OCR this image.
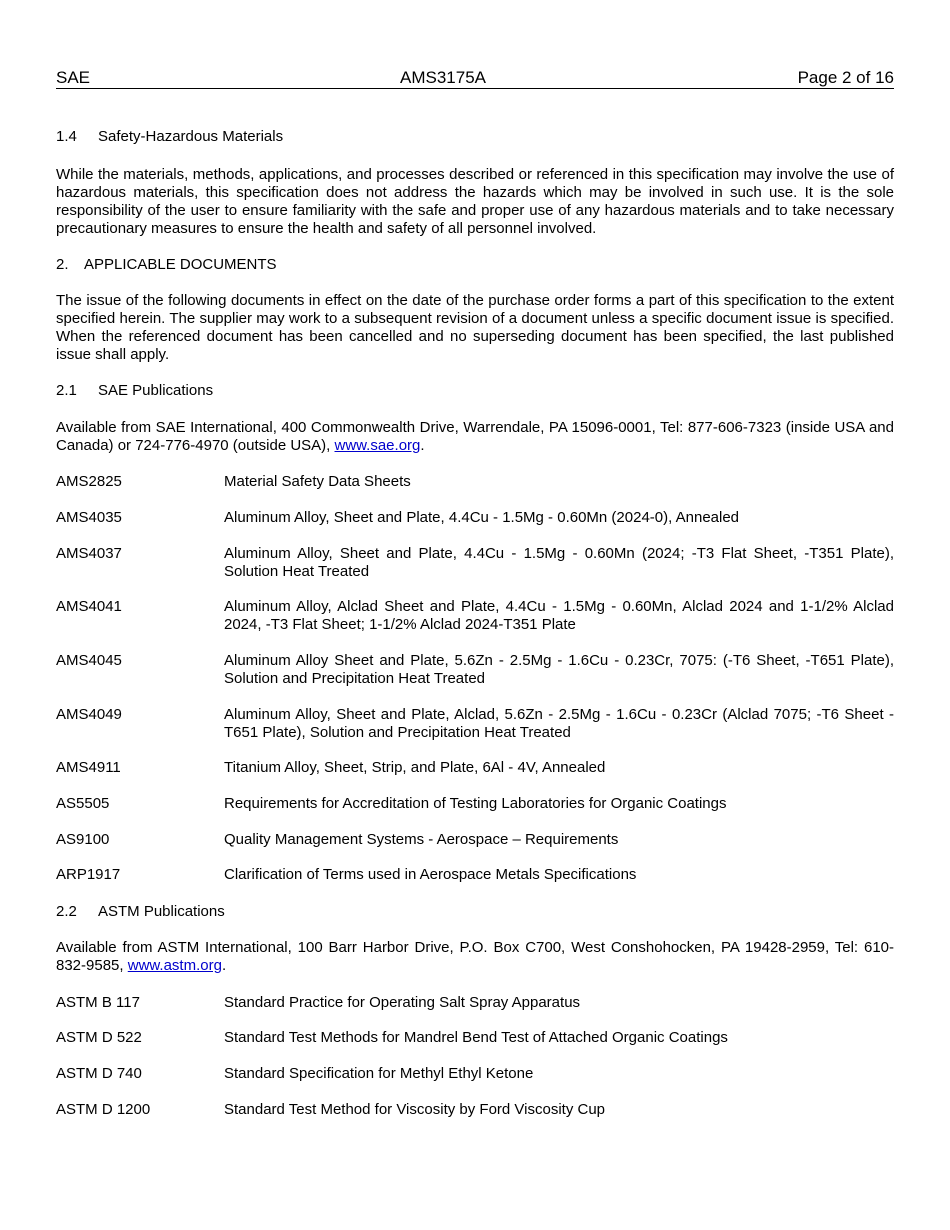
SAE	AMS3175A	Page 2 of 16
1.4 Safety-Hazardous Materials
While the materials, methods, applications, and processes described or referenced in this specification may involve the use of hazardous materials, this specification does not address the hazards which may be involved in such use. It is the sole responsibility of the user to ensure familiarity with the safe and proper use of any hazardous materials and to take necessary precautionary measures to ensure the health and safety of all personnel involved.
2. APPLICABLE DOCUMENTS
The issue of the following documents in effect on the date of the purchase order forms a part of this specification to the extent specified herein. The supplier may work to a subsequent revision of a document unless a specific document issue is specified. When the referenced document has been cancelled and no superseding document has been specified, the last published issue shall apply.
2.1 SAE Publications
Available from SAE International, 400 Commonwealth Drive, Warrendale, PA 15096-0001, Tel: 877-606-7323 (inside USA and Canada) or 724-776-4970 (outside USA), www.sae.org.
AMS2825	Material Safety Data Sheets
AMS4035	Aluminum Alloy, Sheet and Plate, 4.4Cu - 1.5Mg - 0.60Mn (2024-0), Annealed
AMS4037	Aluminum Alloy, Sheet and Plate, 4.4Cu - 1.5Mg - 0.60Mn (2024; -T3 Flat Sheet, -T351 Plate), Solution Heat Treated
AMS4041	Aluminum Alloy, Alclad Sheet and Plate, 4.4Cu - 1.5Mg - 0.60Mn, Alclad 2024 and 1-1/2% Alclad 2024, -T3 Flat Sheet; 1-1/2% Alclad 2024-T351 Plate
AMS4045	Aluminum Alloy Sheet and Plate, 5.6Zn - 2.5Mg - 1.6Cu - 0.23Cr, 7075: (-T6 Sheet, -T651 Plate), Solution and Precipitation Heat Treated
AMS4049	Aluminum Alloy, Sheet and Plate, Alclad, 5.6Zn - 2.5Mg - 1.6Cu - 0.23Cr (Alclad 7075; -T6 Sheet -T651 Plate), Solution and Precipitation Heat Treated
AMS4911	Titanium Alloy, Sheet, Strip, and Plate, 6Al - 4V, Annealed
AS5505	Requirements for Accreditation of Testing Laboratories for Organic Coatings
AS9100	Quality Management Systems - Aerospace – Requirements
ARP1917	Clarification of Terms used in Aerospace Metals Specifications
2.2 ASTM Publications
Available from ASTM International, 100 Barr Harbor Drive, P.O. Box C700, West Conshohocken, PA 19428-2959, Tel: 610-832-9585, www.astm.org.
ASTM B 117	Standard Practice for Operating Salt Spray Apparatus
ASTM D 522	Standard Test Methods for Mandrel Bend Test of Attached Organic Coatings
ASTM D 740	Standard Specification for Methyl Ethyl Ketone
ASTM D 1200	Standard Test Method for Viscosity by Ford Viscosity Cup
